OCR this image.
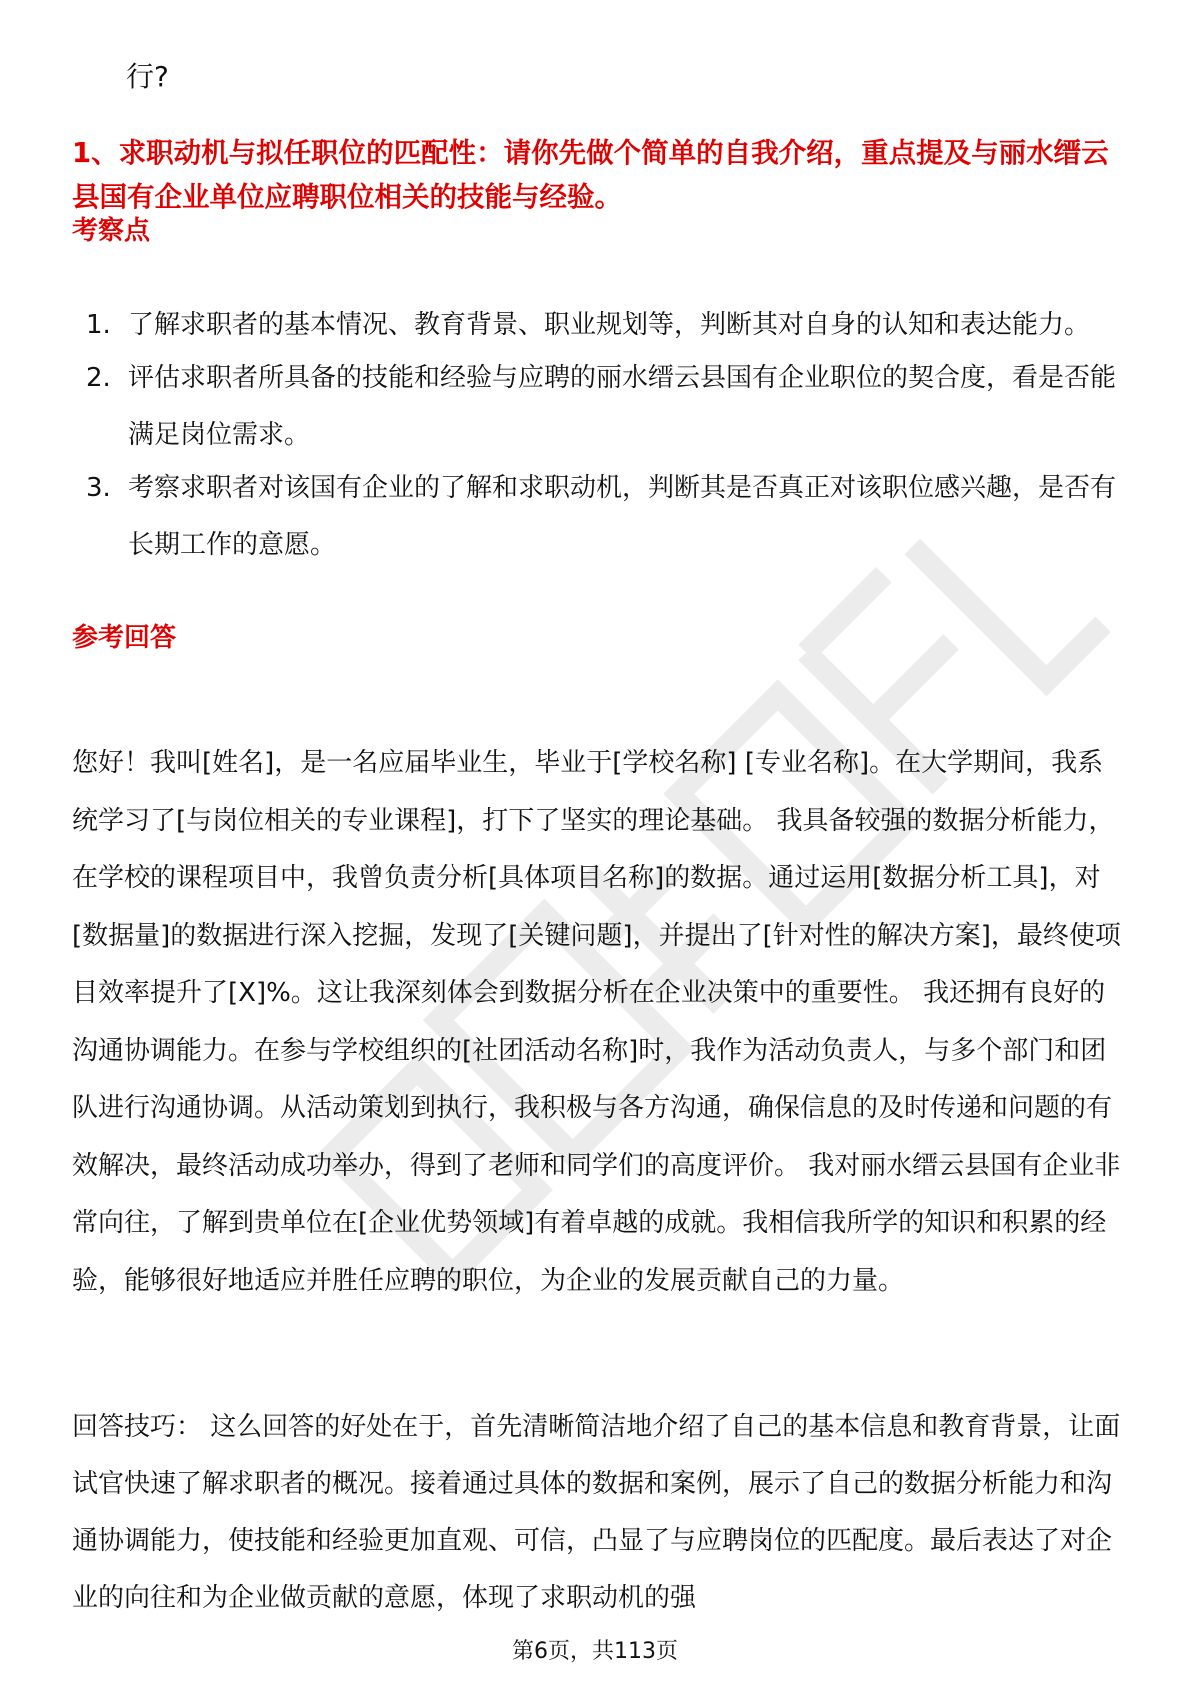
行?
1、求职动机与拟任职位的匹配性：请你先做个简单的自我介绍，重点提及与丽水缙云县国有企业单位应聘职位相关的技能与经验。
考察点
1. 了解求职者的基本情况、教育背景、职业规划等，判断其对自身的认知和表达能力。
2. 评估求职者所具备的技能和经验与应聘的丽水缙云县国有企业职位的契合度，看是否能满足岗位需求。
3. 考察求职者对该国有企业的了解和求职动机，判断其是否真正对该职位感兴趣，是否有长期工作的意愿。
参考回答
您好！我叫[姓名]，是一名应届毕业生，毕业于[学校名称] [专业名称]。在大学期间，我系统学习了[与岗位相关的专业课程]，打下了坚实的理论基础。 我具备较强的数据分析能力，在学校的课程项目中，我曾负责分析[具体项目名称]的数据。通过运用[数据分析工具]，对[数据量]的数据进行深入挖掘，发现了[关键问题]，并提出了[针对性的解决方案]，最终使项目效率提升了[X]%。这让我深刻体会到数据分析在企业决策中的重要性。 我还拥有良好的沟通协调能力。在参与学校组织的[社团活动名称]时，我作为活动负责人，与多个部门和团队进行沟通协调。从活动策划到执行，我积极与各方沟通，确保信息的及时传递和问题的有效解决，最终活动成功举办，得到了老师和同学们的高度评价。 我对丽水缙云县国有企业非常向往，了解到贵单位在[企业优势领域]有着卓越的成就。我相信我所学的知识和积累的经验，能够很好地适应并胜任应聘的职位，为企业的发展贡献自己的力量。
回答技巧： 这么回答的好处在于，首先清晰简洁地介绍了自己的基本信息和教育背景，让面试官快速了解求职者的概况。接着通过具体的数据和案例，展示了自己的数据分析能力和沟通协调能力，使技能和经验更加直观、可信，凸显了与应聘岗位的匹配度。最后表达了对企业的向往和为企业做贡献的意愿，体现了求职动机的强
第6页，共113页
